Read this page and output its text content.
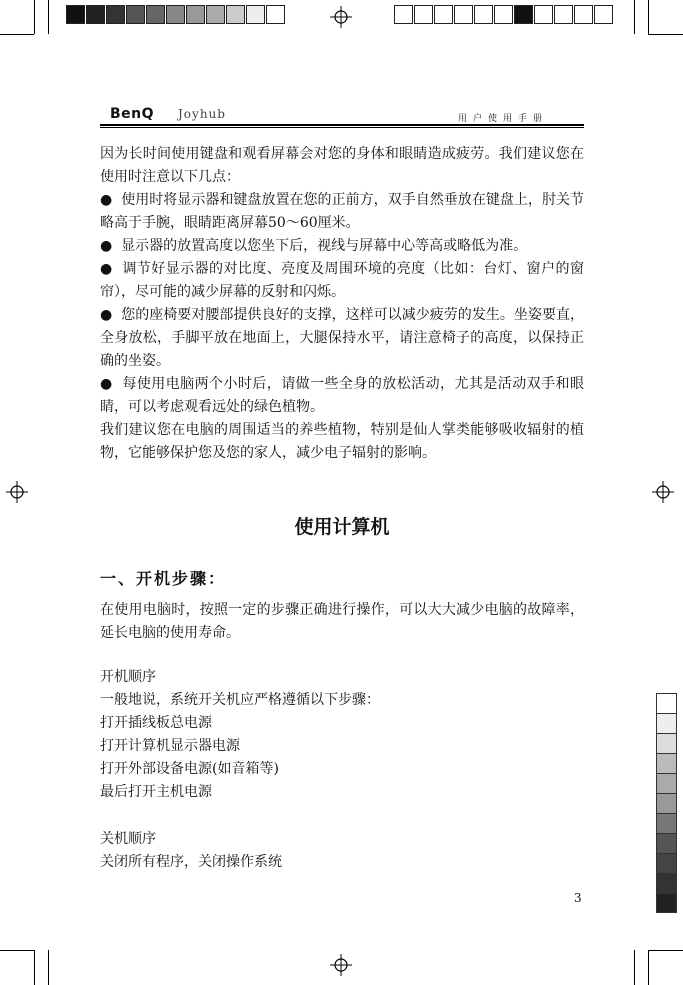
BenQ Joyhub	用户使用手册

因为长时间使用键盘和观看屏幕会对您的身体和眼睛造成疲劳。我们建议您在使用时注意以下几点：

● 使用时将显示器和键盘放置在您的正前方，双手自然垂放在键盘上，肘关节略高于手腕，眼睛距离屏幕50～60厘米。

● 显示器的放置高度以您坐下后，视线与屏幕中心等高或略低为准。

● 调节好显示器的对比度、亮度及周围环境的亮度（比如：台灯、窗户的窗帘），尽可能的减少屏幕的反射和闪烁。

● 您的座椅要对腰部提供良好的支撑，这样可以减少疲劳的发生。坐姿要直，全身放松，手脚平放在地面上，大腿保持水平，请注意椅子的高度，以保持正确的坐姿。

● 每使用电脑两个小时后，请做一些全身的放松活动，尤其是活动双手和眼睛，可以考虑观看远处的绿色植物。

我们建议您在电脑的周围适当的养些植物，特别是仙人掌类能够吸收辐射的植物，它能够保护您及您的家人，减少电子辐射的影响。

使用计算机
一、开机步骤：

在使用电脑时，按照一定的步骤正确进行操作，可以大大减少电脑的故障率，延长电脑的使用寿命。

开机顺序

一般地说，系统开关机应严格遵循以下步骤：

打开插线板总电源

打开计算机显示器电源

打开外部设备电源(如音箱等)

最后打开主机电源

关机顺序

关闭所有程序，关闭操作系统

3
